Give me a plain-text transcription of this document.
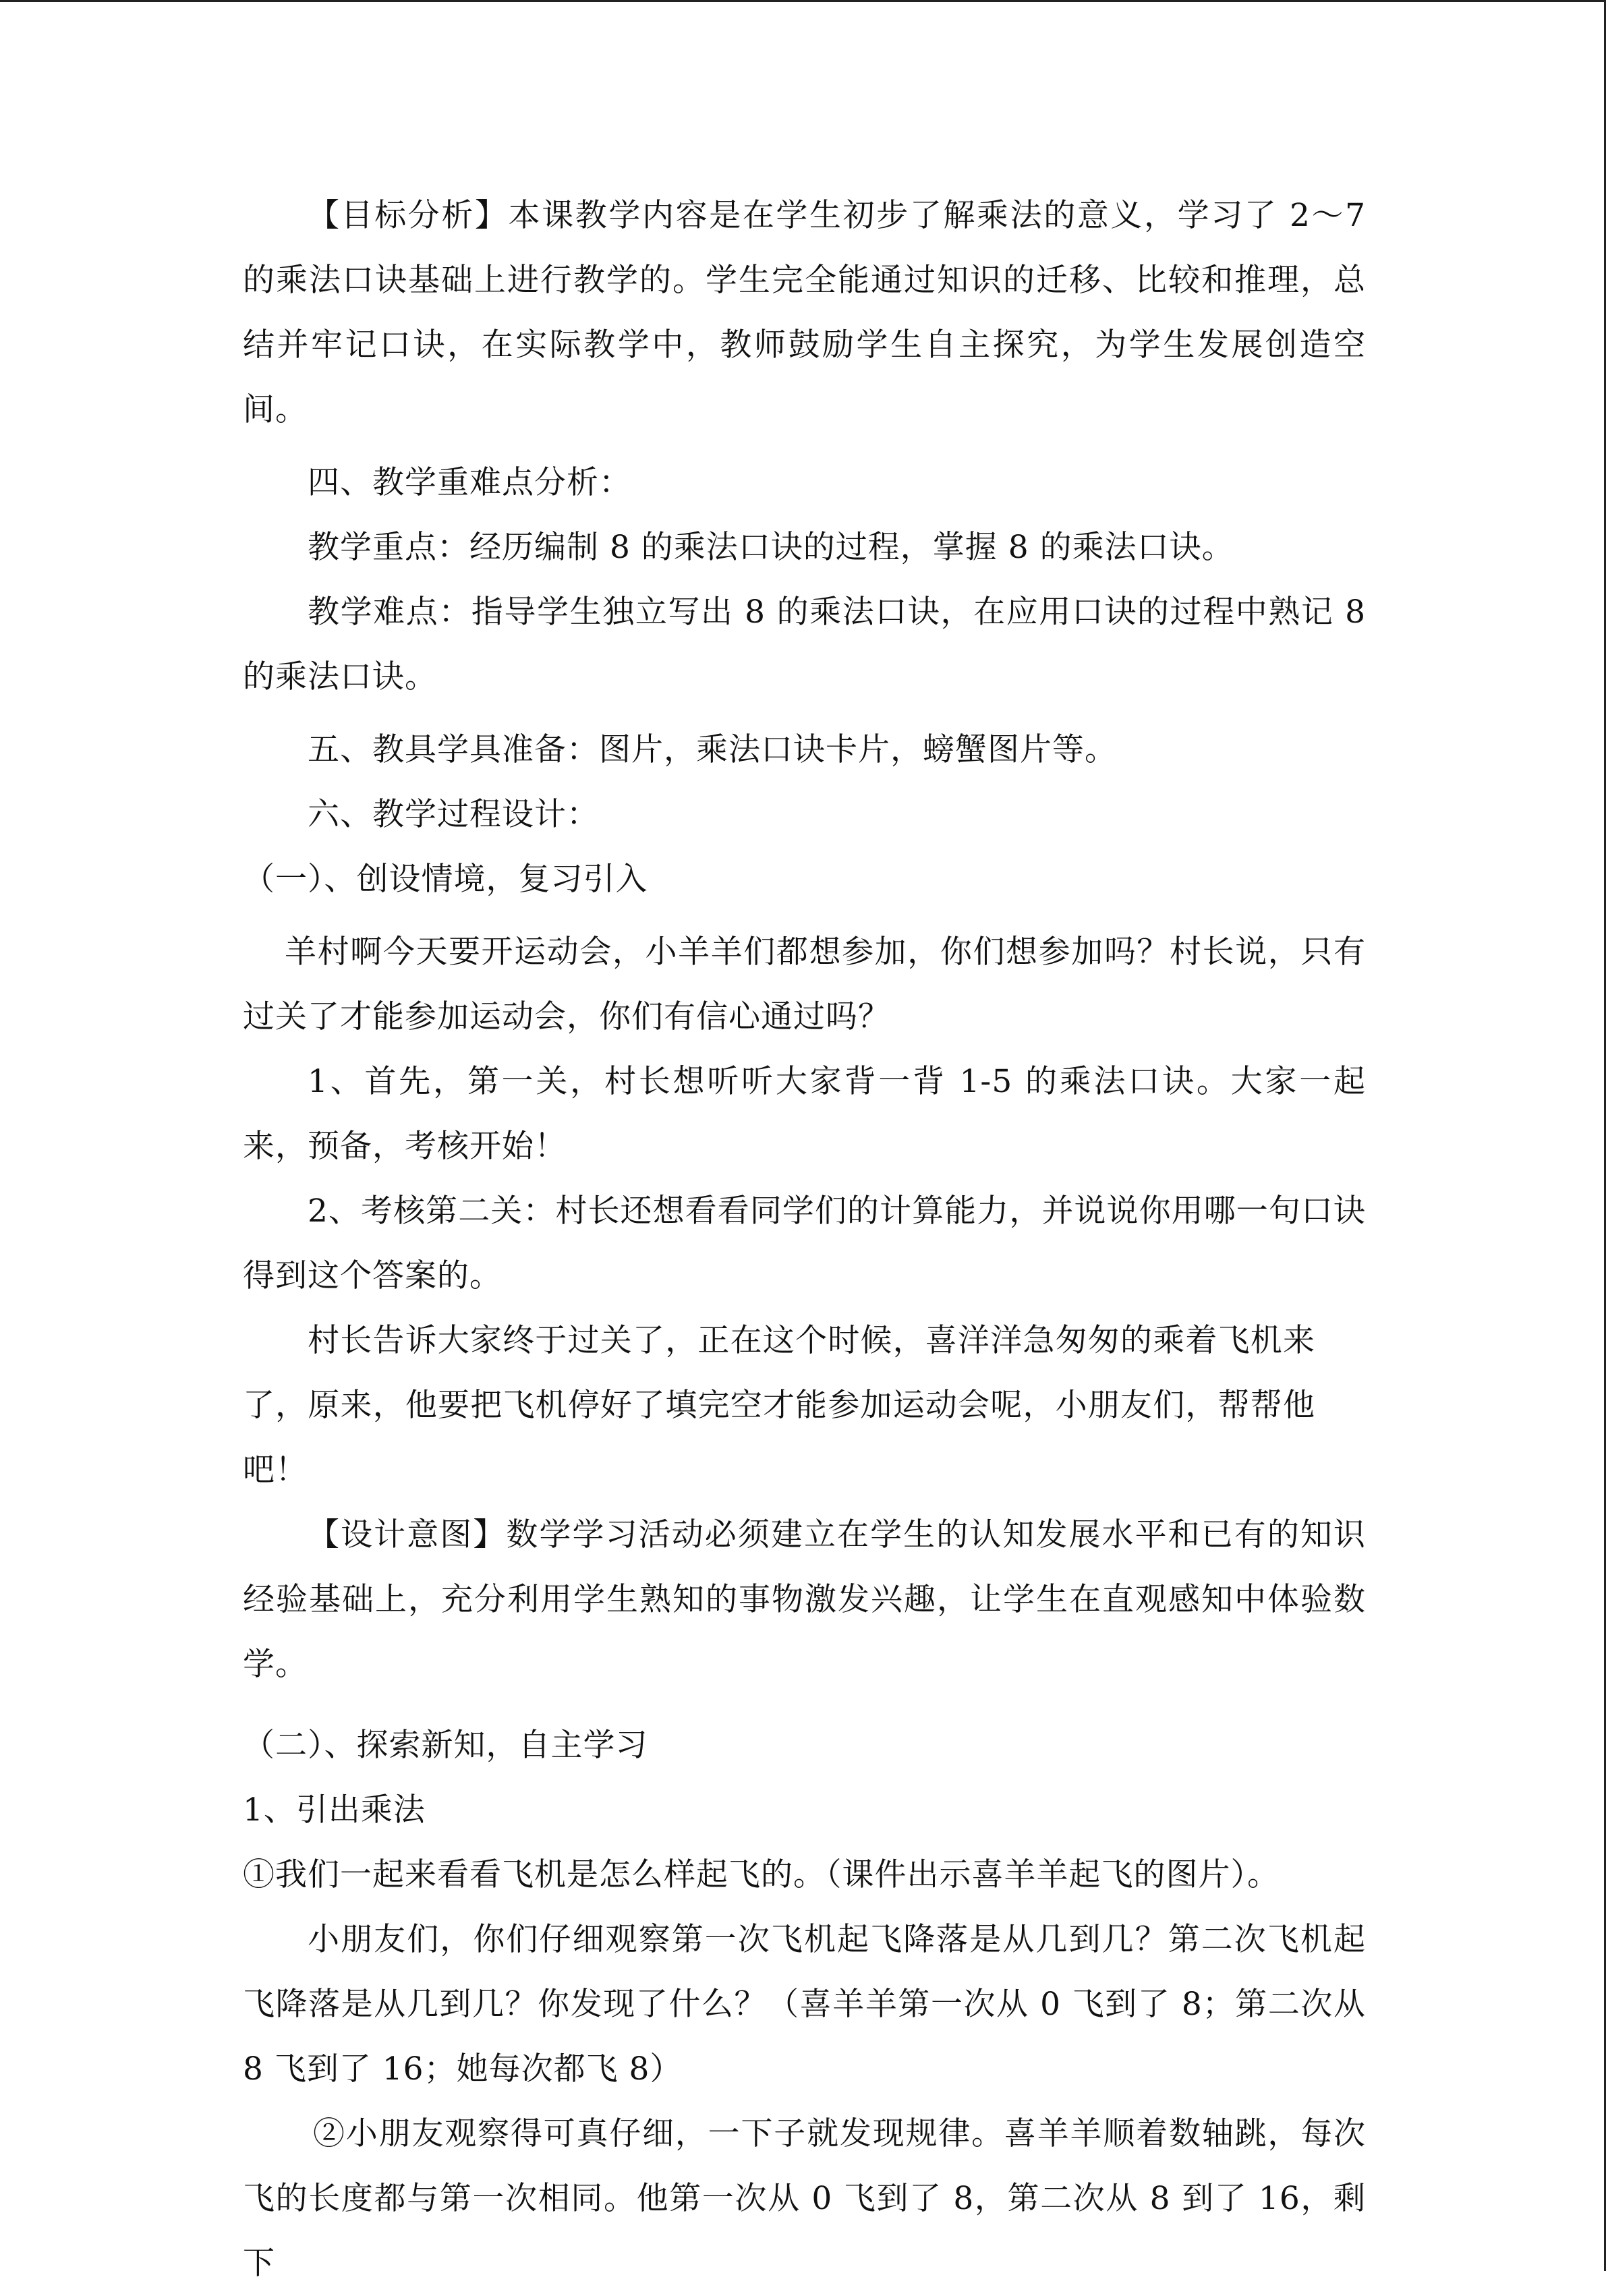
【目标分析】本课教学内容是在学生初步了解乘法的意义，学习了 2～7 的乘法口诀基础上进行教学的。学生完全能通过知识的迁移、比较和推理，总结并牢记口诀，在实际教学中，教师鼓励学生自主探究，为学生发展创造空间。

四、教学重难点分析：

教学重点：经历编制 8 的乘法口诀的过程，掌握 8 的乘法口诀。

教学难点：指导学生独立写出 8 的乘法口诀，在应用口诀的过程中熟记 8 的乘法口诀。

五、教具学具准备：图片，乘法口诀卡片，螃蟹图片等。

六、教学过程设计：

（一）、创设情境，复习引入

羊村啊今天要开运动会，小羊羊们都想参加，你们想参加吗？村长说，只有过关了才能参加运动会，你们有信心通过吗？

1、首先，第一关，村长想听听大家背一背 1-5 的乘法口诀。大家一起来，预备，考核开始！

2、考核第二关：村长还想看看同学们的计算能力，并说说你用哪一句口诀得到这个答案的。

村长告诉大家终于过关了，正在这个时候，喜洋洋急匆匆的乘着飞机来了，原来，他要把飞机停好了填完空才能参加运动会呢，小朋友们，帮帮他吧！

【设计意图】数学学习活动必须建立在学生的认知发展水平和已有的知识经验基础上，充分利用学生熟知的事物激发兴趣，让学生在直观感知中体验数学。

（二）、探索新知，自主学习

1、引出乘法

①我们一起来看看飞机是怎么样起飞的。（课件出示喜羊羊起飞的图片）。

小朋友们，你们仔细观察第一次飞机起飞降落是从几到几？第二次飞机起飞降落是从几到几？你发现了什么？（喜羊羊第一次从 0 飞到了 8；第二次从 8 飞到了 16；她每次都飞 8）

②小朋友观察得可真仔细，一下子就发现规律。喜羊羊顺着数轴跳，每次飞的长度都与第一次相同。他第一次从 0 飞到了 8，第二次从 8 到了 16，剩下
